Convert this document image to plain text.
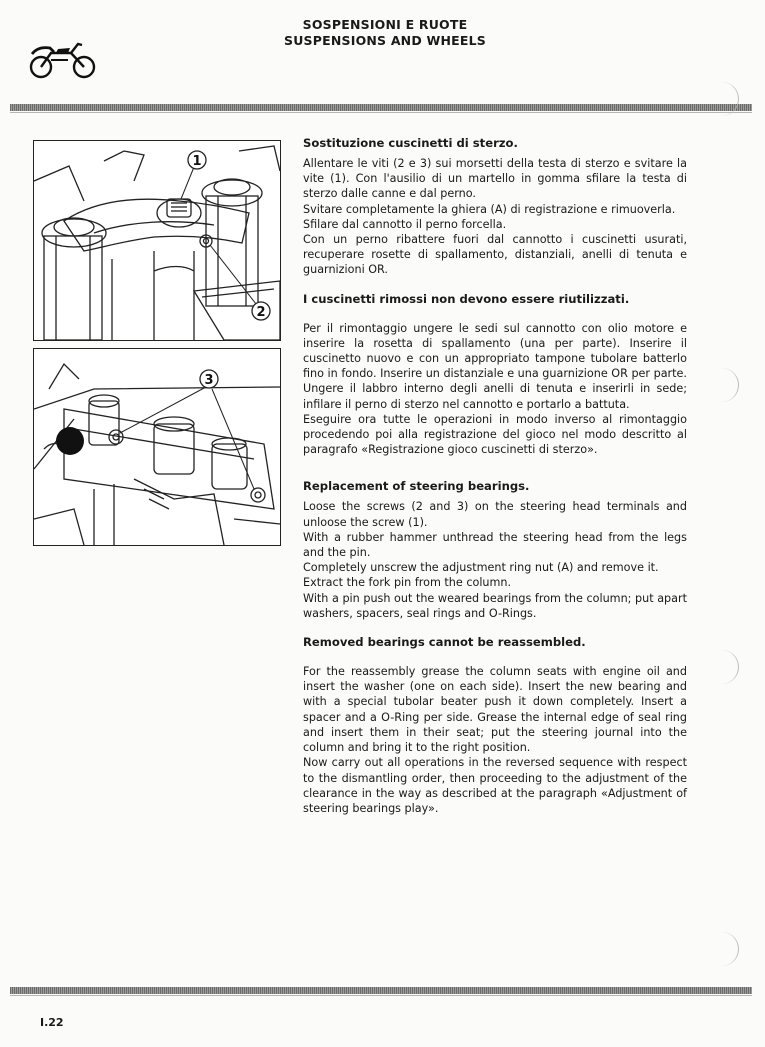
SOSPENSIONI E RUOTE
SUSPENSIONS AND WHEELS
1
2
3

Sostituzione cuscinetti di sterzo.

Allentare le viti (2 e 3) sui morsetti della testa di sterzo e svitare la vite (1). Con l'ausilio di un martello in gomma sfilare la testa di sterzo dalle canne e dal perno.

Svitare completamente la ghiera (A) di registrazione e rimuoverla.

Sfilare dal cannotto il perno forcella.

Con un perno ribattere fuori dal cannotto i cuscinetti usurati, recuperare rosette di spallamento, distanziali, anelli di tenuta e guarnizioni OR.

I cuscinetti rimossi non devono essere riutilizzati.

Per il rimontaggio ungere le sedi sul cannotto con olio motore e inserire la rosetta di spallamento (una per parte). Inserire il cuscinetto nuovo e con un appropriato tampone tubolare batterlo fino in fondo. Inserire un distanziale e una guarnizione OR per parte. Ungere il labbro interno degli anelli di tenuta e inserirli in sede; infilare il perno di sterzo nel cannotto e portarlo a battuta.

Eseguire ora tutte le operazioni in modo inverso al rimontaggio procedendo poi alla registrazione del gioco nel modo descritto al paragrafo «Registrazione gioco cuscinetti di sterzo».

Replacement of steering bearings.

Loose the screws (2 and 3) on the steering head terminals and unloose the screw (1).

With a rubber hammer unthread the steering head from the legs and the pin.

Completely unscrew the adjustment ring nut (A) and remove it.

Extract the fork pin from the column.

With a pin push out the weared bearings from the column; put apart washers, spacers, seal rings and O-Rings.

Removed bearings cannot be reassembled.

For the reassembly grease the column seats with engine oil and insert the washer (one on each side). Insert the new bearing and with a special tubolar beater push it down completely. Insert a spacer and a O-Ring per side. Grease the internal edge of seal ring and insert them in their seat; put the steering journal into the column and bring it to the right position.

Now carry out all operations in the reversed sequence with respect to the dismantling order, then proceeding to the adjustment of the clearance in the way as described at the paragraph «Adjustment of steering bearings play».

I.22
